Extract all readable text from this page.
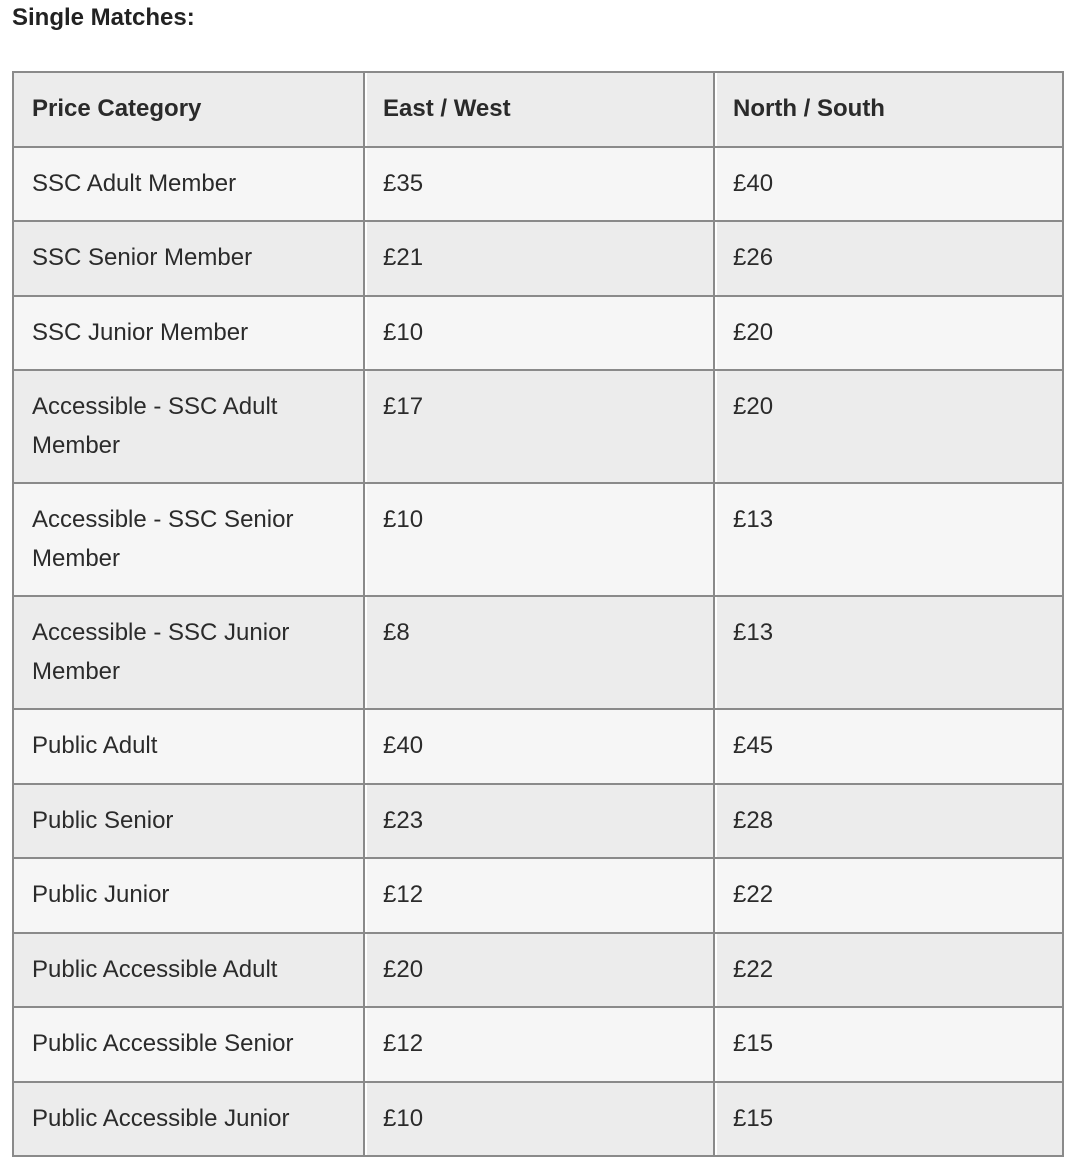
Single Matches:
Price Category	East / West	North / South
SSC Adult Member	£35	£40
SSC Senior Member	£21	£26
SSC Junior Member	£10	£20
Accessible - SSC Adult Member	£17	£20
Accessible - SSC Senior Member	£10	£13
Accessible - SSC Junior Member	£8	£13
Public Adult	£40	£45
Public Senior	£23	£28
Public Junior	£12	£22
Public Accessible Adult	£20	£22
Public Accessible Senior	£12	£15
Public Accessible Junior	£10	£15
